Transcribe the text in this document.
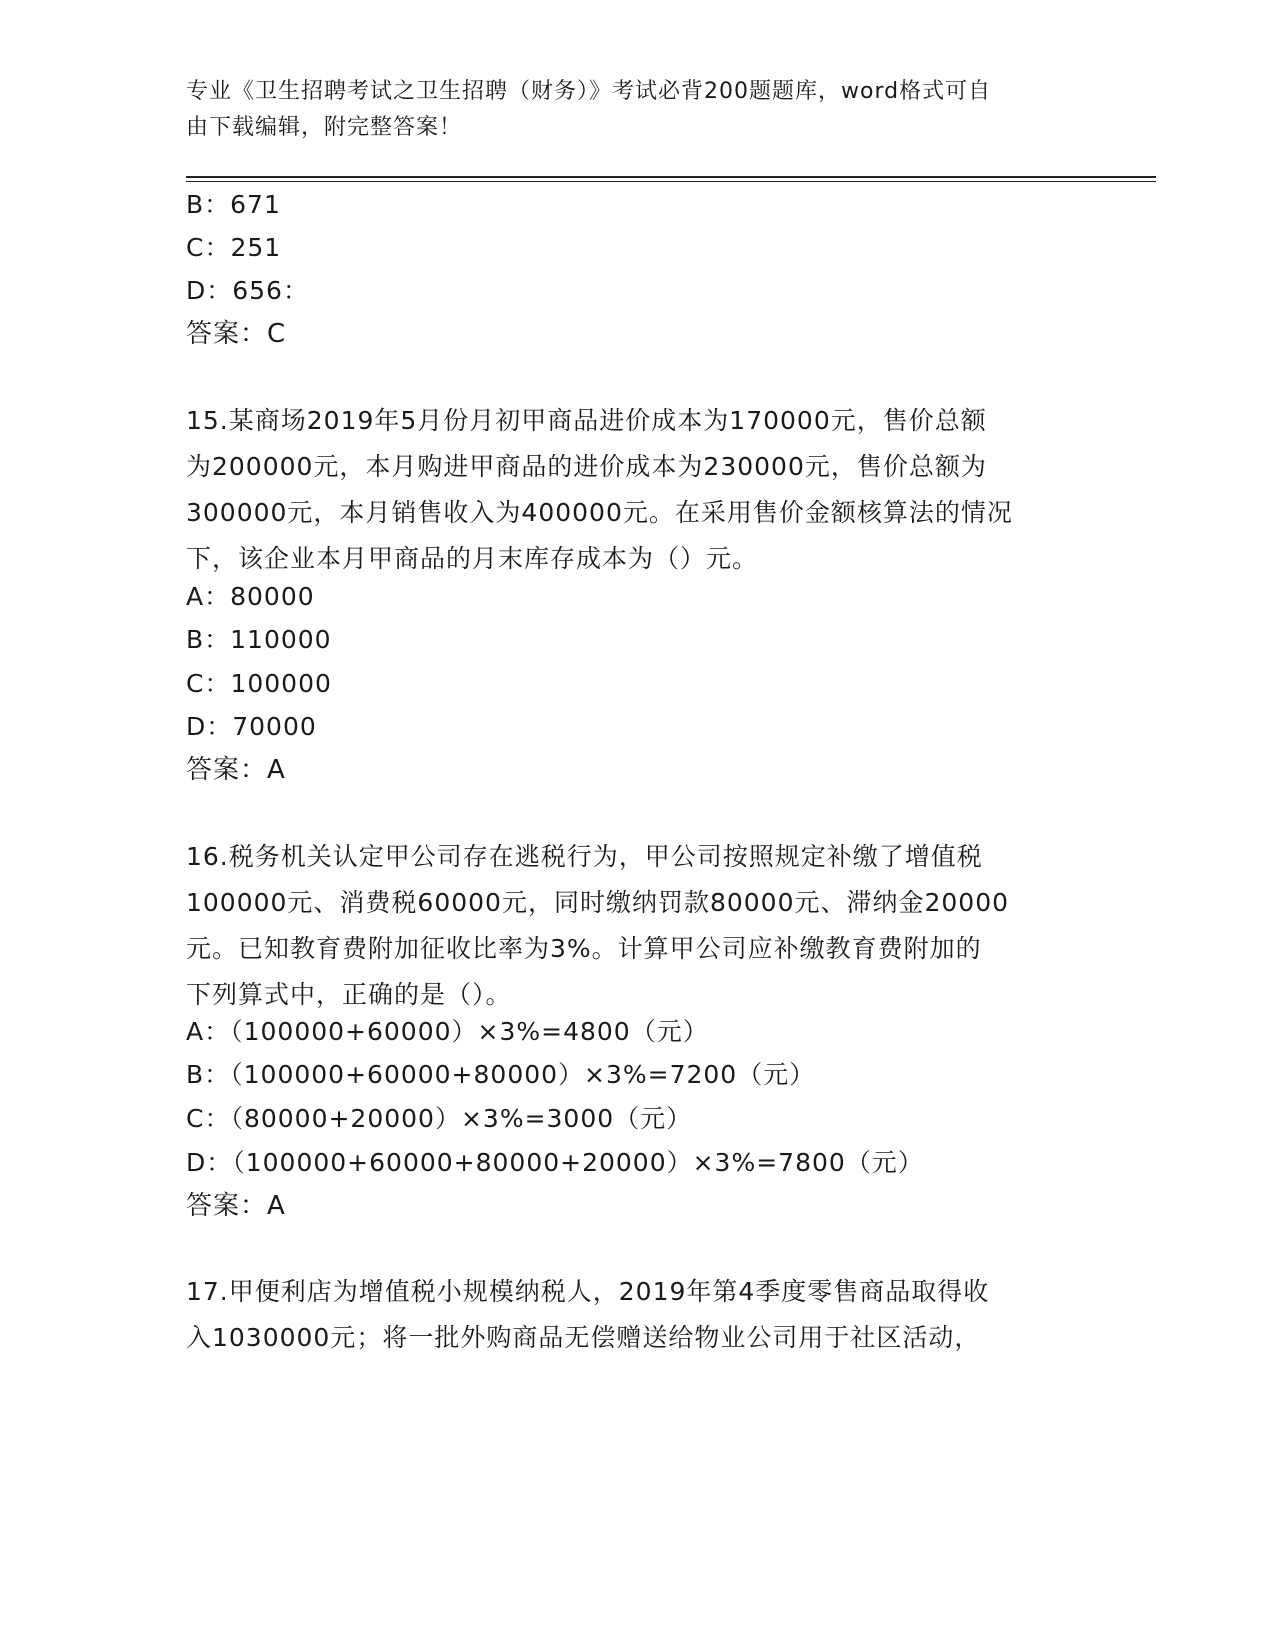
专业《卫生招聘考试之卫生招聘（财务）》考试必背200题题库，word格式可自
由下载编辑，附完整答案！
B：671
C：251
D：656：
答案：C
15.某商场2019年5月份月初甲商品进价成本为170000元，售价总额
为200000元，本月购进甲商品的进价成本为230000元，售价总额为
300000元，本月销售收入为400000元。在采用售价金额核算法的情况
下，该企业本月甲商品的月末库存成本为（）元。
A：80000
B：110000
C：100000
D：70000
答案：A
16.税务机关认定甲公司存在逃税行为，甲公司按照规定补缴了增值税
100000元、消费税60000元，同时缴纳罚款80000元、滞纳金20000
元。已知教育费附加征收比率为3%。计算甲公司应补缴教育费附加的
下列算式中，正确的是（）。
A：（100000+60000）×3%=4800（元）
B：（100000+60000+80000）×3%=7200（元）
C：（80000+20000）×3%=3000（元）
D：（100000+60000+80000+20000）×3%=7800（元）
答案：A
17.甲便利店为增值税小规模纳税人，2019年第4季度零售商品取得收
入1030000元；将一批外购商品无偿赠送给物业公司用于社区活动，
